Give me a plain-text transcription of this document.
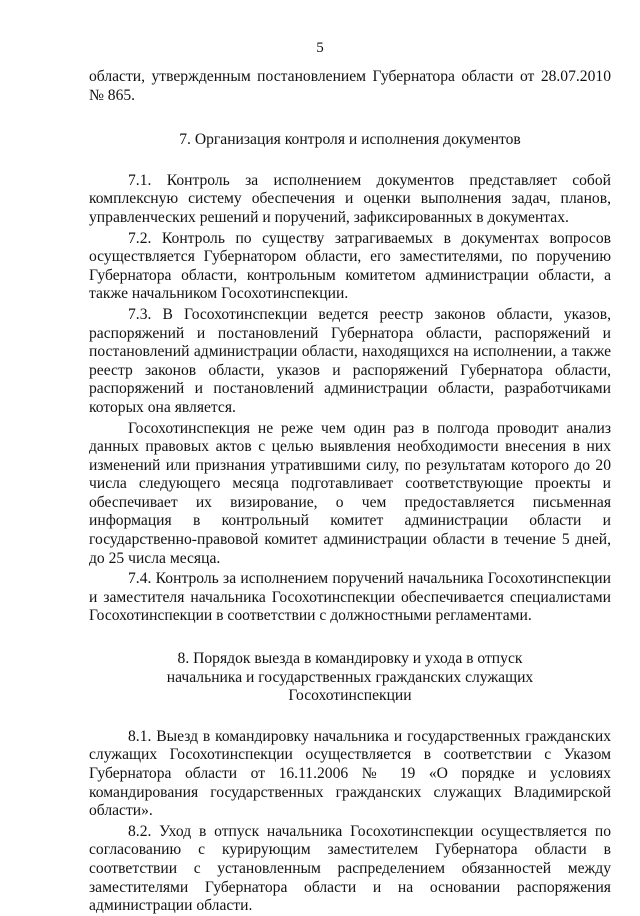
5

области, утвержденным постановлением Губернатора области от 28.07.2010 № 865.

7. Организация контроля и исполнения документов

7.1. Контроль за исполнением документов представляет собой комплексную систему обеспечения и оценки выполнения задач, планов, управленческих решений и поручений, зафиксированных в документах.

7.2. Контроль по существу затрагиваемых в документах вопросов осуществляется Губернатором области, его заместителями, по поручению Губернатора области, контрольным комитетом администрации области, а также начальником Госохотинспекции.

7.3. В Госохотинспекции ведется реестр законов области, указов, распоряжений и постановлений Губернатора области, распоряжений и постановлений администрации области, находящихся на исполнении, а также реестр законов области, указов и распоряжений Губернатора области, распоряжений и постановлений администрации области, разработчиками которых она является.

Госохотинспекция не реже чем один раз в полгода проводит анализ данных правовых актов с целью выявления необходимости внесения в них изменений или признания утратившими силу, по результатам которого до 20 числа следующего месяца подготавливает соответствующие проекты и обеспечивает их визирование, о чем предоставляется письменная информация в контрольный комитет администрации области и государственно-правовой комитет администрации области в течение 5 дней, до 25 числа месяца.

7.4. Контроль за исполнением поручений начальника Госохотинспекции и заместителя начальника Госохотинспекции обеспечивается специалистами Госохотинспекции в соответствии с должностными регламентами.

8. Порядок выезда в командировку и ухода в отпуск

начальника и государственных гражданских служащих

Госохотинспекции

8.1. Выезд в командировку начальника и государственных гражданских служащих Госохотинспекции осуществляется в соответствии с Указом Губернатора области от 16.11.2006 № 19 «О порядке и условиях командирования государственных гражданских служащих Владимирской области».

8.2. Уход в отпуск начальника Госохотинспекции осуществляется по согласованию с курирующим заместителем Губернатора области в соответствии с установленным распределением обязанностей между заместителями Губернатора области и на основании распоряжения администрации области.
